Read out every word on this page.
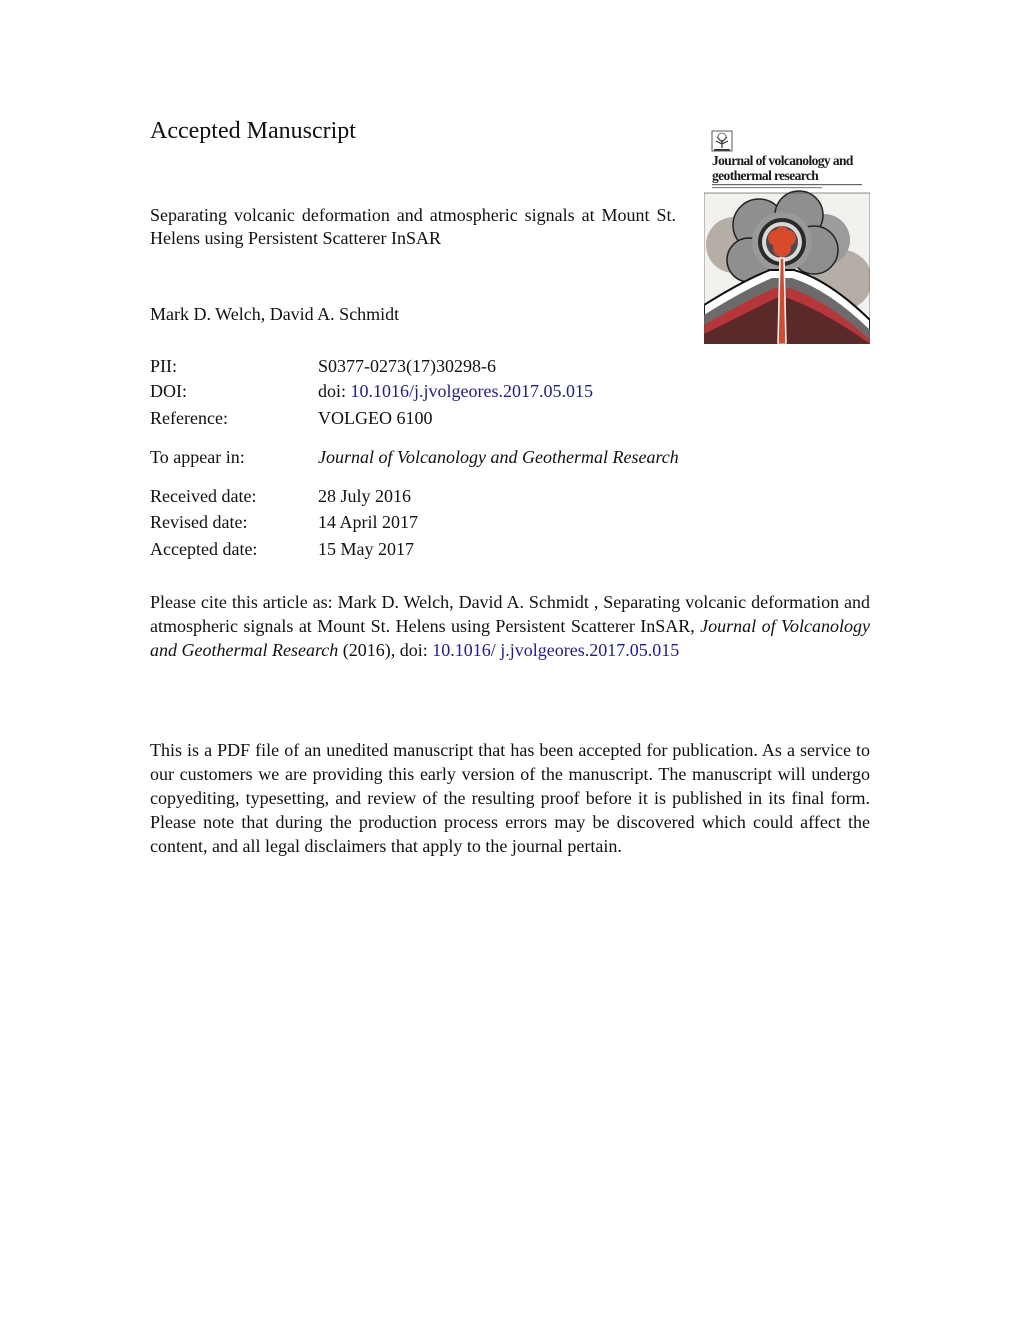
Accepted Manuscript
Separating volcanic deformation and atmospheric signals at Mount St. Helens using Persistent Scatterer InSAR
Mark D. Welch, David A. Schmidt
PII:	S0377-0273(17)30298-6
DOI:	doi: 10.1016/j.jvolgeores.2017.05.015
Reference:	VOLGEO 6100
To appear in:	Journal of Volcanology and Geothermal Research
Received date:	28 July 2016
Revised date:	14 April 2017
Accepted date:	15 May 2017
Please cite this article as: Mark D. Welch, David A. Schmidt , Separating volcanic deformation and atmospheric signals at Mount St. Helens using Persistent Scatterer InSAR, Journal of Volcanology and Geothermal Research (2016), doi: 10.1016/ j.jvolgeores.2017.05.015
This is a PDF file of an unedited manuscript that has been accepted for publication. As a service to our customers we are providing this early version of the manuscript. The manuscript will undergo copyediting, typesetting, and review of the resulting proof before it is published in its final form. Please note that during the production process errors may be discovered which could affect the content, and all legal disclaimers that apply to the journal pertain.
Journal of volcanology and geothermal research
